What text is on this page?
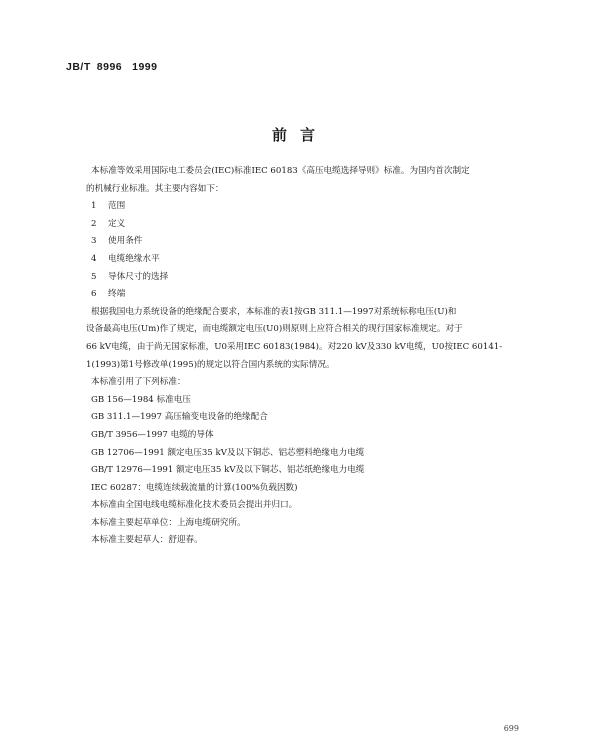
JB/T 8996 1999
前言

本标准等效采用国际电工委员会(IEC)标准IEC 60183《高压电缆选择导则》标准。为国内首次制定

的机械行业标准。其主要内容如下：

1 范围

2 定义

3 使用条件

4 电缆绝缘水平

5 导体尺寸的选择

6 终端

根据我国电力系统设备的绝缘配合要求，本标准的表1按GB 311.1—1997对系统标称电压(U)和

设备最高电压(Um)作了规定，而电缆额定电压(U0)则原则上应符合相关的现行国家标准规定。对于

66 kV电缆，由于尚无国家标准，U0采用IEC 60183(1984)。对220 kV及330 kV电缆，U0按IEC 60141-

1(1993)第1号修改单(1995)的规定以符合国内系统的实际情况。

本标准引用了下列标准：

GB 156—1984 标准电压

GB 311.1—1997 高压输变电设备的绝缘配合

GB/T 3956—1997 电缆的导体

GB 12706—1991 额定电压35 kV及以下铜芯、铝芯塑料绝缘电力电缆

GB/T 12976—1991 额定电压35 kV及以下铜芯、铝芯纸绝缘电力电缆

IEC 60287：电缆连续载流量的计算(100%负载因数)

本标准由全国电线电缆标准化技术委员会提出并归口。

本标准主要起草单位：上海电缆研究所。

本标准主要起草人：舒迎春。

699
